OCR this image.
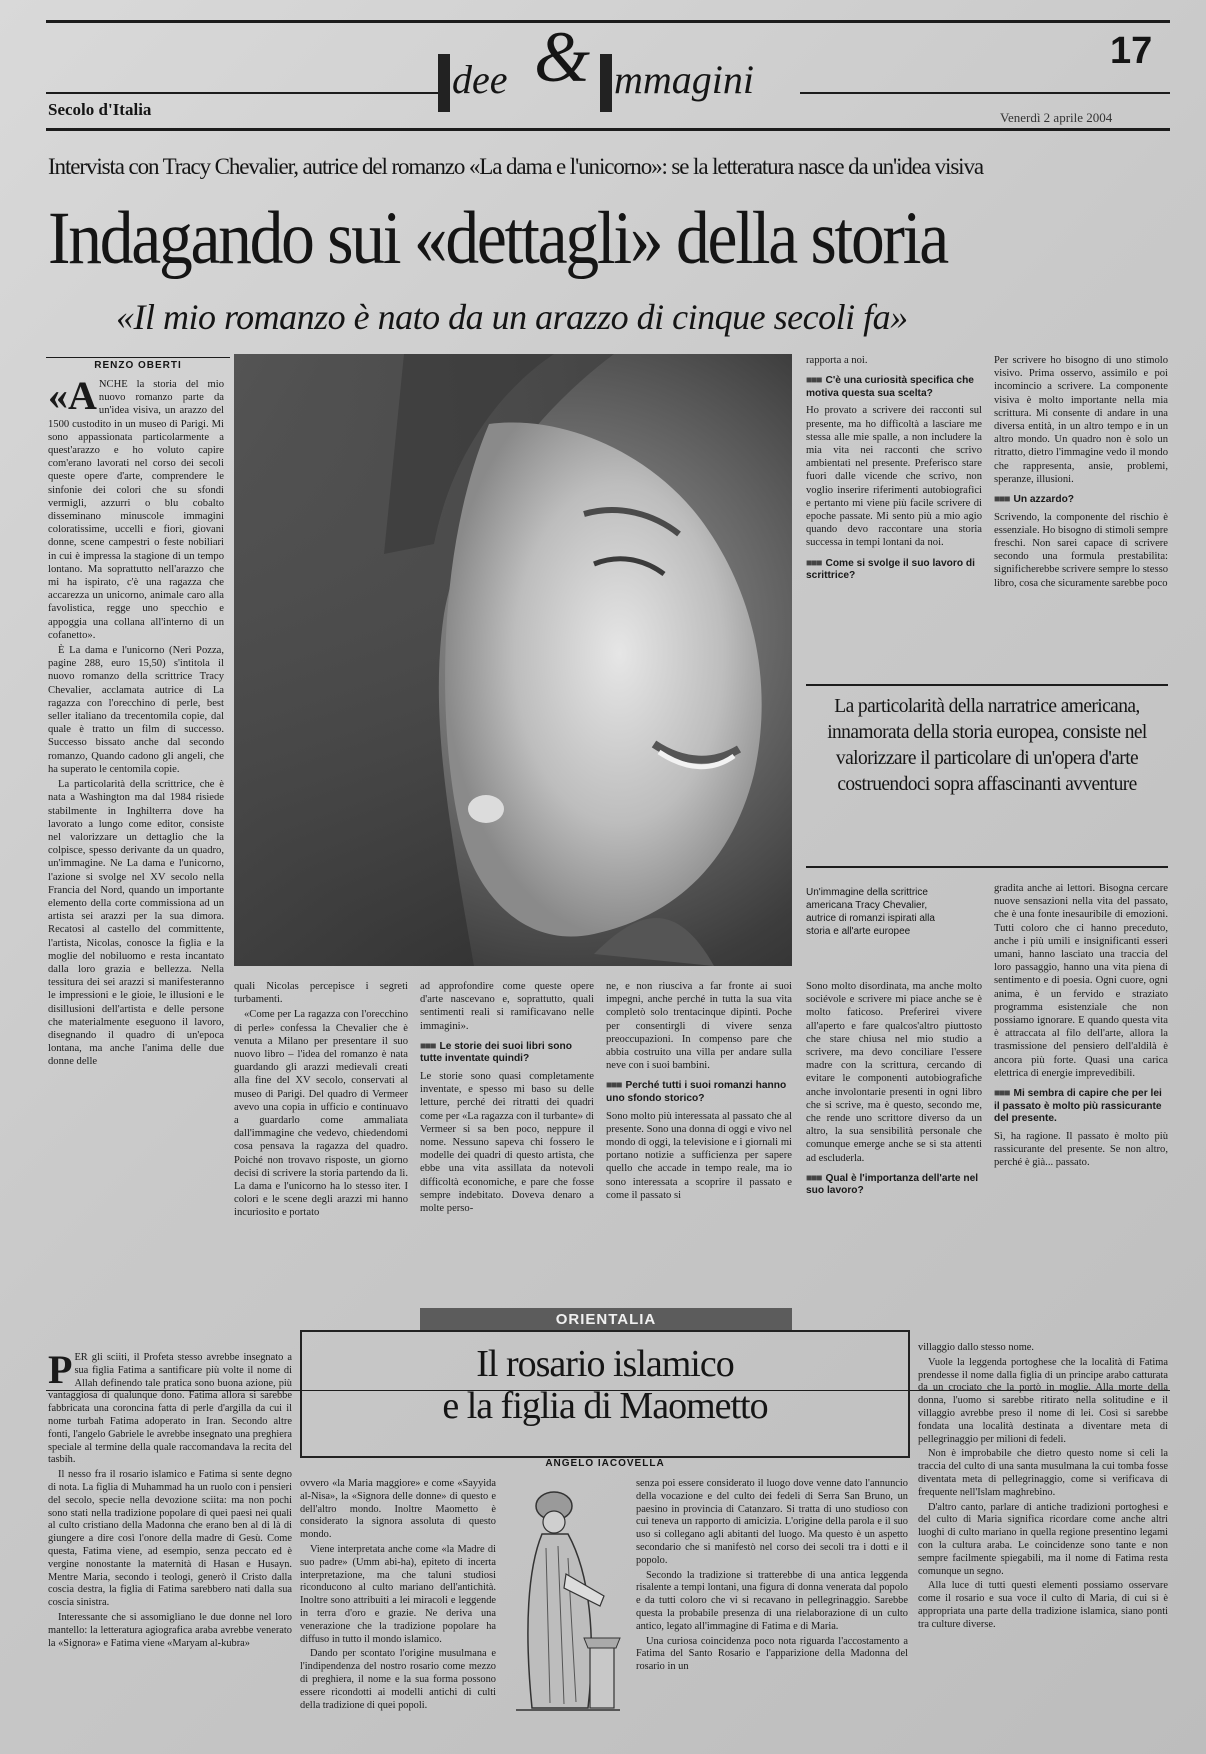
dee & mmagini
17
Secolo d'Italia	Venerdì 2 aprile 2004
Intervista con Tracy Chevalier, autrice del romanzo «La dama e l'unicorno»: se la letteratura nasce da un'idea visiva
Indagando sui «dettagli» della storia
«Il mio romanzo è nato da un arazzo di cinque secoli fa»
RENZO OBERTI

«ANCHE la storia del mio nuovo romanzo parte da un'idea visiva, un arazzo del 1500 custodito in un museo di Parigi. Mi sono appassionata particolarmente a quest'arazzo e ho voluto capire com'erano lavorati nel corso dei secoli queste opere d'arte, comprendere le sinfonie dei colori che su sfondi vermigli, azzurri o blu cobalto disseminano minuscole immagini coloratissime, uccelli e fiori, giovani donne, scene campestri o feste nobiliari in cui è impressa la stagione di un tempo lontano. Ma soprattutto nell'arazzo che mi ha ispirato, c'è una ragazza che accarezza un unicorno, animale caro alla favolistica, regge uno specchio e appoggia una collana all'interno di un cofanetto».

È La dama e l'unicorno (Neri Pozza, pagine 288, euro 15,50) s'intitola il nuovo romanzo della scrittrice Tracy Chevalier, acclamata autrice di La ragazza con l'orecchino di perle, best seller italiano da trecentomila copie, dal quale è tratto un film di successo. Successo bissato anche dal secondo romanzo, Quando cadono gli angeli, che ha superato le centomila copie.

La particolarità della scrittrice, che è nata a Washington ma dal 1984 risiede stabilmente in Inghilterra dove ha lavorato a lungo come editor, consiste nel valorizzare un dettaglio che la colpisce, spesso derivante da un quadro, un'immagine. Ne La dama e l'unicorno, l'azione si svolge nel XV secolo nella Francia del Nord, quando un importante elemento della corte commissiona ad un artista sei arazzi per la sua dimora. Recatosi al castello del committente, l'artista, Nicolas, conosce la figlia e la moglie del nobiluomo e resta incantato dalla loro grazia e bellezza. Nella tessitura dei sei arazzi si manifesteranno le impressioni e le gioie, le illusioni e le disillusioni dell'artista e delle persone che materialmente eseguono il lavoro, disegnando il quadro di un'epoca lontana, ma anche l'anima delle due donne delle

quali Nicolas percepisce i segreti turbamenti.

«Come per La ragazza con l'orecchino di perle» confessa la Chevalier che è venuta a Milano per presentare il suo nuovo libro – l'idea del romanzo è nata guardando gli arazzi medievali creati alla fine del XV secolo, conservati al museo di Parigi. Del quadro di Vermeer avevo una copia in ufficio e continuavo a guardarlo come ammaliata dall'immagine che vedevo, chiedendomi cosa pensava la ragazza del quadro. Poiché non trovavo risposte, un giorno decisi di scrivere la storia partendo da lì. La dama e l'unicorno ha lo stesso iter. I colori e le scene degli arazzi mi hanno incuriosito e portato

ad approfondire come queste opere d'arte nascevano e, soprattutto, quali sentimenti reali si ramificavano nelle immagini».

■■■ Le storie dei suoi libri sono tutte inventate quindi?

Le storie sono quasi completamente inventate, e spesso mi baso su delle letture, perché dei ritratti dei quadri come per «La ragazza con il turbante» di Vermeer si sa ben poco, neppure il nome. Nessuno sapeva chi fossero le modelle dei quadri di questo artista, che ebbe una vita assillata da notevoli difficoltà economiche, e pare che fosse sempre indebitato. Doveva denaro a molte perso-

ne, e non riusciva a far fronte ai suoi impegni, anche perché in tutta la sua vita completò solo trentacinque dipinti. Poche per consentirgli di vivere senza preoccupazioni. In compenso pare che abbia costruito una villa per andare sulla neve con i suoi bambini.

■■■ Perché tutti i suoi romanzi hanno uno sfondo storico?

Sono molto più interessata al passato che al presente. Sono una donna di oggi e vivo nel mondo di oggi, la televisione e i giornali mi portano notizie a sufficienza per sapere quello che accade in tempo reale, ma io sono interessata a scoprire il passato e come il passato si

rapporta a noi.

■■■ C'è una curiosità specifica che motiva questa sua scelta?

Ho provato a scrivere dei racconti sul presente, ma ho difficoltà a lasciare me stessa alle mie spalle, a non includere la mia vita nei racconti che scrivo ambientati nel presente. Preferisco stare fuori dalle vicende che scrivo, non voglio inserire riferimenti autobiografici e pertanto mi viene più facile scrivere di epoche passate. Mi sento più a mio agio quando devo raccontare una storia successa in tempi lontani da noi.

■■■ Come si svolge il suo lavoro di scrittrice?

Per scrivere ho bisogno di uno stimolo visivo. Prima osservo, assimilo e poi incomincio a scrivere. La componente visiva è molto importante nella mia scrittura. Mi consente di andare in una diversa entità, in un altro tempo e in un altro mondo. Un quadro non è solo un ritratto, dietro l'immagine vedo il mondo che rappresenta, ansie, problemi, speranze, illusioni.

■■■ Un azzardo?

Scrivendo, la componente del rischio è essenziale. Ho bisogno di stimoli sempre freschi. Non sarei capace di scrivere secondo una formula prestabilita: significherebbe scrivere sempre lo stesso libro, cosa che sicuramente sarebbe poco

La particolarità della narratrice americana, innamorata della storia europea, consiste nel valorizzare il particolare di un'opera d'arte costruendoci sopra affascinanti avventure
Un'immagine della scrittrice americana Tracy Chevalier, autrice di romanzi ispirati alla storia e all'arte europee

Sono molto disordinata, ma anche molto sociévole e scrivere mi piace anche se è molto faticoso. Preferirei vivere all'aperto e fare qualcos'altro piuttosto che stare chiusa nel mio studio a scrivere, ma devo conciliare l'essere madre con la scrittura, cercando di evitare le componenti autobiografiche anche involontarie presenti in ogni libro che si scrive, ma è questo, secondo me, che rende uno scrittore diverso da un altro, la sua sensibilità personale che comunque emerge anche se si sta attenti ad escluderla.

■■■ Qual è l'importanza dell'arte nel suo lavoro?

gradita anche ai lettori. Bisogna cercare nuove sensazioni nella vita del passato, che è una fonte inesauribile di emozioni. Tutti coloro che ci hanno preceduto, anche i più umili e insignificanti esseri umani, hanno lasciato una traccia del loro passaggio, hanno una vita piena di sentimento e di poesia. Ogni cuore, ogni anima, è un fervido e straziato programma esistenziale che non possiamo ignorare. E quando questa vita è attraccata al filo dell'arte, allora la trasmissione del pensiero dell'aldilà è ancora più forte. Quasi una carica elettrica di energie imprevedibili.

■■■ Mi sembra di capire che per lei il passato è molto più rassicurante del presente.

Sì, ha ragione. Il passato è molto più rassicurante del presente. Se non altro, perché è già... passato.

ORIENTALIA
Il rosario islamico
e la figlia di Maometto
ANGELO IACOVELLA

PER gli sciiti, il Profeta stesso avrebbe insegnato a sua figlia Fatima a santificare più volte il nome di Allah definendo tale pratica sono buona azione, più vantaggiosa di qualunque dono. Fatima allora si sarebbe fabbricata una coroncina fatta di perle d'argilla da cui il nome turbah Fatima adoperato in Iran. Secondo altre fonti, l'angelo Gabriele le avrebbe insegnato una preghiera speciale al termine della quale raccomandava la recita del tasbih.

Il nesso fra il rosario islamico e Fatima si sente degno di nota. La figlia di Muhammad ha un ruolo con i pensieri del secolo, specie nella devozione sciita: ma non pochi sono stati nella tradizione popolare di quei paesi nei quali al culto cristiano della Madonna che erano ben al di là di giungere a dire così l'onore della madre di Gesù. Come questa, Fatima viene, ad esempio, senza peccato ed è vergine nonostante la maternità di Hasan e Husayn. Mentre Maria, secondo i teologi, generò il Cristo dalla coscia destra, la figlia di Fatima sarebbero nati dalla sua coscia sinistra.

Interessante che si assomigliano le due donne nel loro mantello: la letteratura agiografica araba avrebbe venerato la «Signora» e Fatima viene «Maryam al-kubra»

ovvero «la Maria maggiore» e come «Sayyida al-Nisa», la «Signora delle donne» di questo e dell'altro mondo. Inoltre Maometto è considerato la signora assoluta di questo mondo.

Viene interpretata anche come «la Madre di suo padre» (Umm abi-ha), epiteto di incerta interpretazione, ma che taluni studiosi riconducono al culto mariano dell'antichità. Inoltre sono attribuiti a lei miracoli e leggende in terra d'oro e grazie. Ne deriva una venerazione che la tradizione popolare ha diffuso in tutto il mondo islamico.

Dando per scontato l'origine musulmana e l'indipendenza del nostro rosario come mezzo di preghiera, il nome e la sua forma possono essere ricondotti ai modelli antichi di culti della tradizione di quei popoli.

senza poi essere considerato il luogo dove venne dato l'annuncio della vocazione e del culto dei fedeli di Serra San Bruno, un paesino in provincia di Catanzaro. Si tratta di uno studioso con cui teneva un rapporto di amicizia. L'origine della parola e il suo uso si collegano agli abitanti del luogo. Ma questo è un aspetto secondario che si manifestò nel corso dei secoli tra i dotti e il popolo.

Secondo la tradizione si tratterebbe di una antica leggenda risalente a tempi lontani, una figura di donna venerata dal popolo e da tutti coloro che vi si recavano in pellegrinaggio. Sarebbe questa la probabile presenza di una rielaborazione di un culto antico, legato all'immagine di Fatima e di Maria.

Una curiosa coincidenza poco nota riguarda l'accostamento a Fatima del Santo Rosario e l'apparizione della Madonna del rosario in un

villaggio dallo stesso nome.

Vuole la leggenda portoghese che la località di Fatima prendesse il nome dalla figlia di un principe arabo catturata da un crociato che la portò in moglie. Alla morte della donna, l'uomo si sarebbe ritirato nella solitudine e il villaggio avrebbe preso il nome di lei. Così si sarebbe fondata una località destinata a diventare meta di pellegrinaggio per milioni di fedeli.

Non è improbabile che dietro questo nome si celi la traccia del culto di una santa musulmana la cui tomba fosse diventata meta di pellegrinaggio, come si verificava di frequente nell'Islam maghrebino.

D'altro canto, parlare di antiche tradizioni portoghesi e del culto di Maria significa ricordare come anche altri luoghi di culto mariano in quella regione presentino legami con la cultura araba. Le coincidenze sono tante e non sempre facilmente spiegabili, ma il nome di Fatima resta comunque un segno.

Alla luce di tutti questi elementi possiamo osservare come il rosario e sua voce il culto di Maria, di cui si è appropriata una parte della tradizione islamica, siano ponti tra culture diverse.
